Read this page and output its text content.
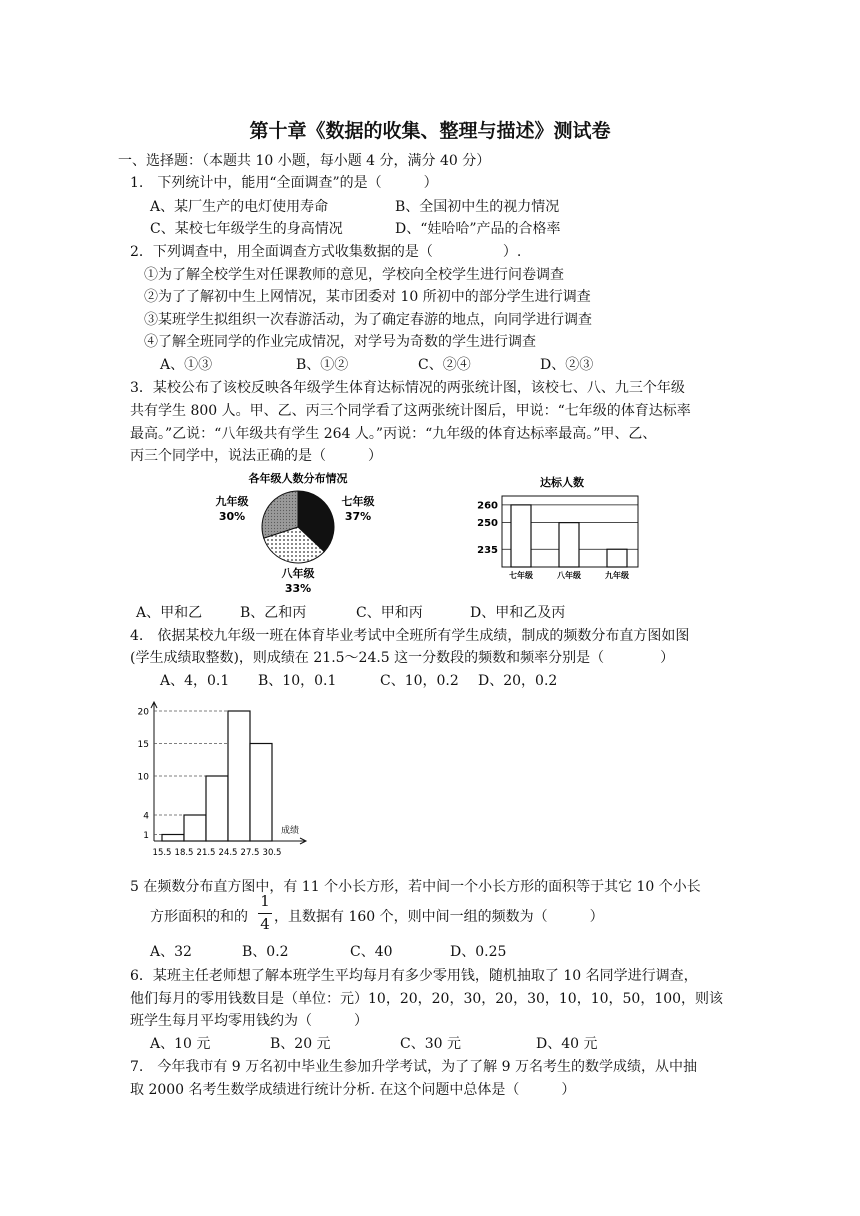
第十章《数据的收集、整理与描述》测试卷
一、选择题：（本题共 10 小题，每小题 4 分，满分 40 分）
1.　下列统计中，能用“全面调查”的是（　　　）
A、某厂生产的电灯使用寿命	B、全国初中生的视力情况
C、某校七年级学生的身高情况	D、“娃哈哈”产品的合格率
2．下列调查中，用全面调查方式收集数据的是（　　　　　）.
①为了解全校学生对任课教师的意见，学校向全校学生进行问卷调查
②为了了解初中生上网情况，某市团委对 10 所初中的部分学生进行调查
③某班学生拟组织一次春游活动，为了确定春游的地点，向同学进行调查
④了解全班同学的作业完成情况，对学号为奇数的学生进行调查
A、①③	B、①②	C、②④	D、②③
3．某校公布了该校反映各年级学生体育达标情况的两张统计图，该校七、八、九三个年级
共有学生 800 人。甲、乙、丙三个同学看了这两张统计图后，甲说：“七年级的体育达标率
最高。”乙说：“八年级共有学生 264 人。”丙说：“九年级的体育达标率最高。”甲、乙、
丙三个同学中，说法正确的是（　　　）
各年级人数分布情况
九年级
30%
七年级
37%
八年级
33%
达标人数
235
250
260
七年级	八年级	九年级
A、甲和乙	B、乙和丙	C、甲和丙	D、甲和乙及丙
4.　依据某校九年级一班在体育毕业考试中全班所有学生成绩，制成的频数分布直方图如图
(学生成绩取整数)，则成绩在 21.5～24.5 这一分数段的频数和频率分别是（　　　　）
A、4，0.1 B、10，0.1	C、10，0.2 D、20，0.2
1
4
10
15
20
15.5 18.5 21.5 24.5 27.5 30.5
成绩
5 在频数分布直方图中，有 11 个小长方形，若中间一个小长方形的面积等于其它 10 个小长
方形面积的和的
1
4 ，且数据有 160 个，则中间一组的频数为（　　　）
A、32	B、0.2	C、40	D、0.25
6．某班主任老师想了解本班学生平均每月有多少零用钱，随机抽取了 10 名同学进行调查，
他们每月的零用钱数目是（单位：元）10，20，20，30，20，30，10，10，50，100，则该
班学生每月平均零用钱约为（　　　）
A、10 元	B、20 元	C、30 元	D、40 元
7.　今年我市有 9 万名初中毕业生参加升学考试，为了了解 9 万名考生的数学成绩，从中抽
取 2000 名考生数学成绩进行统计分析. 在这个问题中总体是（　　　）
